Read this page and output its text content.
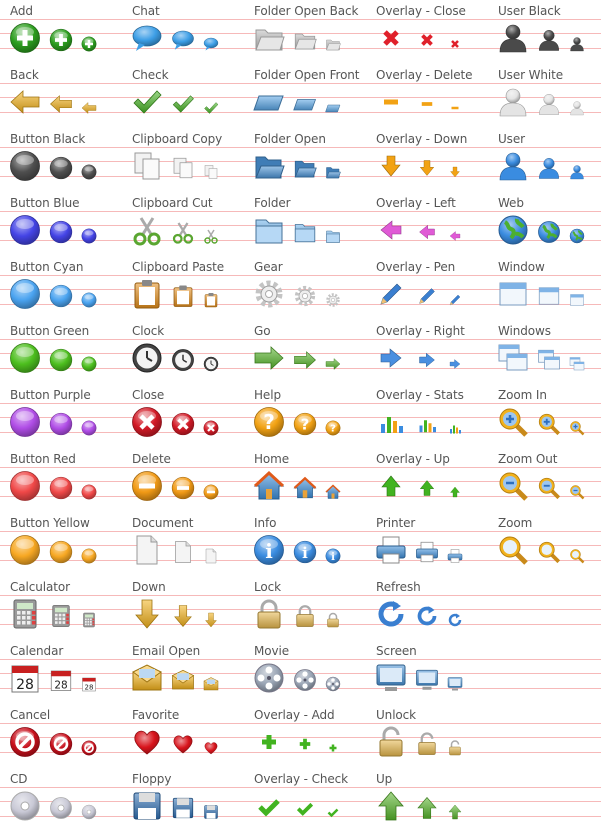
Add
Back
Button Black
Button Blue
Button Cyan
Button Green
Button Purple
Button Red
Button Yellow
Calculator
Calendar
28 28 28
Cancel
CD
Chat
Check
Clipboard Copy
Clipboard Cut
Clipboard Paste
Clock
Close
Delete
Document
Down
Email Open
Favorite
Floppy
Folder Open Back
Folder Open Front
Folder Open
Folder
Gear
Go
Help
? ? ?
Home
Info
i i i
Lock
Movie
Overlay - Add
Overlay - Check
Overlay - Close
Overlay - Delete
Overlay - Down
Overlay - Left
Overlay - Pen
Overlay - Right
Overlay - Stats
Overlay - Up
Printer
Refresh
Screen
Unlock
Up
User Black
User White
User
Web
Window
Windows
Zoom In
Zoom Out
Zoom
